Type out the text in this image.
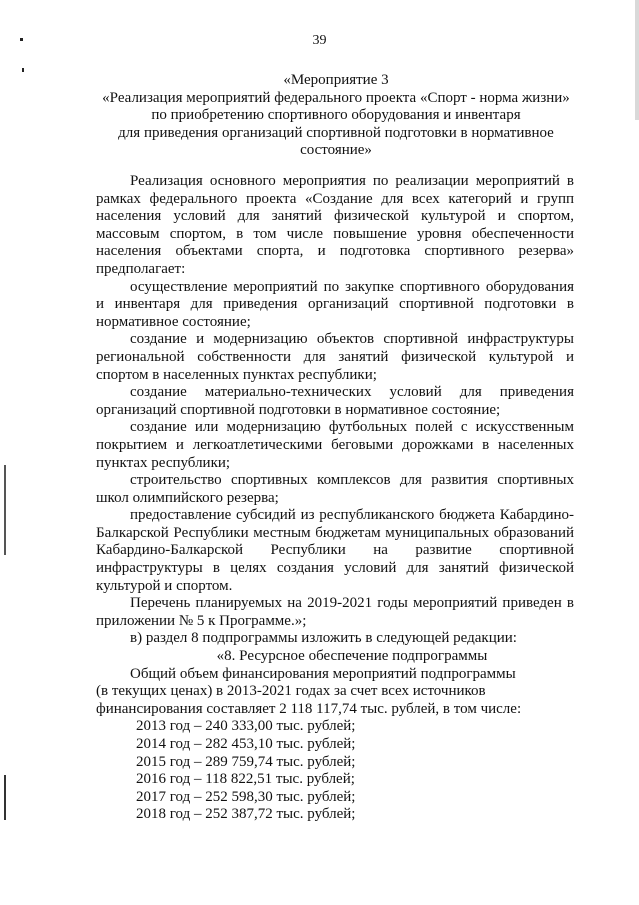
39
«Мероприятие 3
«Реализация мероприятий федерального проекта «Спорт - норма жизни»
по приобретению спортивного оборудования и инвентаря
для приведения организаций спортивной подготовки в нормативное
состояние»

Реализация основного мероприятия по реализации мероприятий в рамках федерального проекта «Создание для всех категорий и групп населения условий для занятий физической культурой и спортом, массовым спортом, в том числе повышение уровня обеспеченности населения объектами спорта, и подготовка спортивного резерва» предполагает:

осуществление мероприятий по закупке спортивного оборудования и инвентаря для приведения организаций спортивной подготовки в нормативное состояние;

создание и модернизацию объектов спортивной инфраструктуры региональной собственности для занятий физической культурой и спортом в населенных пунктах республики;

создание материально-технических условий для приведения организаций спортивной подготовки в нормативное состояние;

создание или модернизацию футбольных полей с искусственным покрытием и легкоатлетическими беговыми дорожками в населенных пунктах республики;

строительство спортивных комплексов для развития спортивных школ олимпийского резерва;

предоставление субсидий из республиканского бюджета Кабардино-Балкарской Республики местным бюджетам муниципальных образований Кабардино-Балкарской Республики на развитие спортивной инфраструктуры в целях создания условий для занятий физической культурой и спортом.

Перечень планируемых на 2019-2021 годы мероприятий приведен в приложении № 5 к Программе.»;

в) раздел 8 подпрограммы изложить в следующей редакции:

«8. Ресурсное обеспечение подпрограммы

Общий объем финансирования мероприятий подпрограммы

(в текущих ценах) в 2013-2021 годах за счет всех источников

финансирования составляет 2 118 117,74 тыс. рублей, в том числе:

2013 год – 240 333,00 тыс. рублей;
2014 год – 282 453,10 тыс. рублей;
2015 год – 289 759,74 тыс. рублей;
2016 год – 118 822,51 тыс. рублей;
2017 год – 252 598,30 тыс. рублей;
2018 год – 252 387,72 тыс. рублей;
